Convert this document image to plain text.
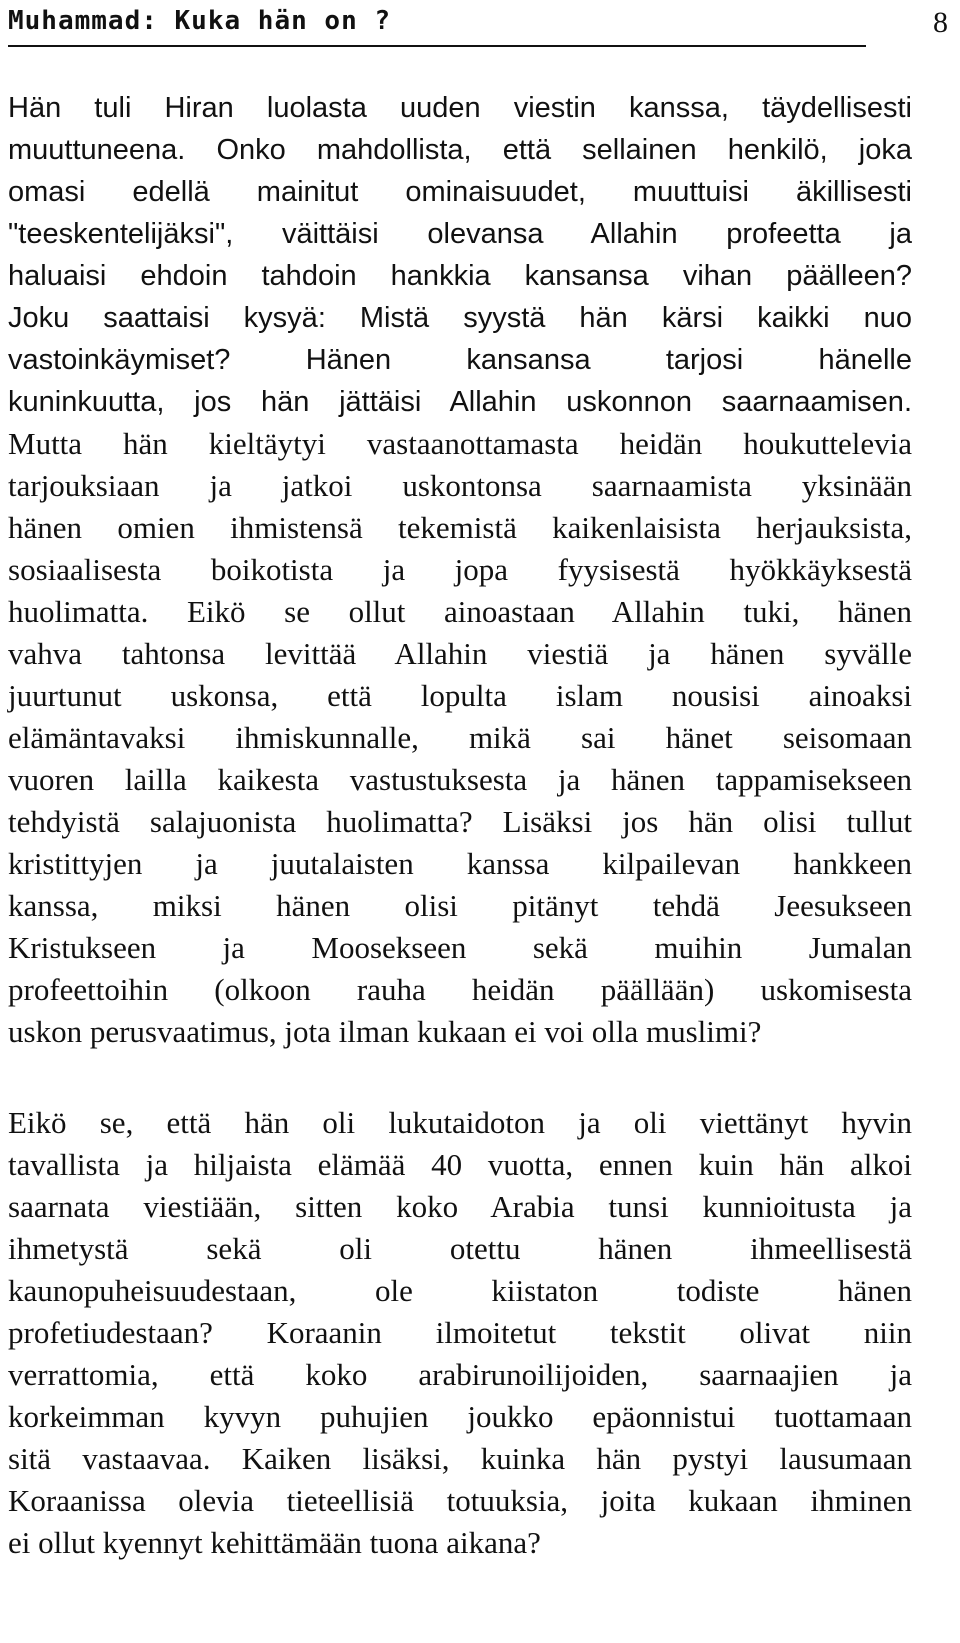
Muhammad: Kuka hän on ?	8
Hän tuli Hiran luolasta uuden viestin kanssa, täydellisesti
muuttuneena. Onko mahdollista, että sellainen henkilö, joka
omasi edellä mainitut ominaisuudet, muuttuisi äkillisesti
"teeskentelijäksi", väittäisi olevansa Allahin profeetta ja
haluaisi ehdoin tahdoin hankkia kansansa vihan päälleen?
Joku saattaisi kysyä: Mistä syystä hän kärsi kaikki nuo
vastoinkäymiset? Hänen kansansa tarjosi hänelle
kuninkuutta, jos hän jättäisi Allahin uskonnon saarnaamisen.
Mutta hän kieltäytyi vastaanottamasta heidän houkuttelevia
tarjouksiaan ja jatkoi uskontonsa saarnaamista yksinään
hänen omien ihmistensä tekemistä kaikenlaisista herjauksista,
sosiaalisesta boikotista ja jopa fyysisestä hyökkäyksestä
huolimatta. Eikö se ollut ainoastaan Allahin tuki, hänen
vahva tahtonsa levittää Allahin viestiä ja hänen syvälle
juurtunut uskonsa, että lopulta islam nousisi ainoaksi
elämäntavaksi ihmiskunnalle, mikä sai hänet seisomaan
vuoren lailla kaikesta vastustuksesta ja hänen tappamisekseen
tehdyistä salajuonista huolimatta? Lisäksi jos hän olisi tullut
kristittyjen ja juutalaisten kanssa kilpailevan hankkeen
kanssa, miksi hänen olisi pitänyt tehdä Jeesukseen
Kristukseen ja Moosekseen sekä muihin Jumalan
profeettoihin (olkoon rauha heidän päällään) uskomisesta
uskon perusvaatimus, jota ilman kukaan ei voi olla muslimi?
Eikö se, että hän oli lukutaidoton ja oli viettänyt hyvin
tavallista ja hiljaista elämää 40 vuotta, ennen kuin hän alkoi
saarnata viestiään, sitten koko Arabia tunsi kunnioitusta ja
ihmetystä sekä oli otettu hänen ihmeellisestä
kaunopuheisuudestaan, ole kiistaton todiste hänen
profetiudestaan? Koraanin ilmoitetut tekstit olivat niin
verrattomia, että koko arabirunoilijoiden, saarnaajien ja
korkeimman kyvyn puhujien joukko epäonnistui tuottamaan
sitä vastaavaa. Kaiken lisäksi, kuinka hän pystyi lausumaan
Koraanissa olevia tieteellisiä totuuksia, joita kukaan ihminen
ei ollut kyennyt kehittämään tuona aikana?
